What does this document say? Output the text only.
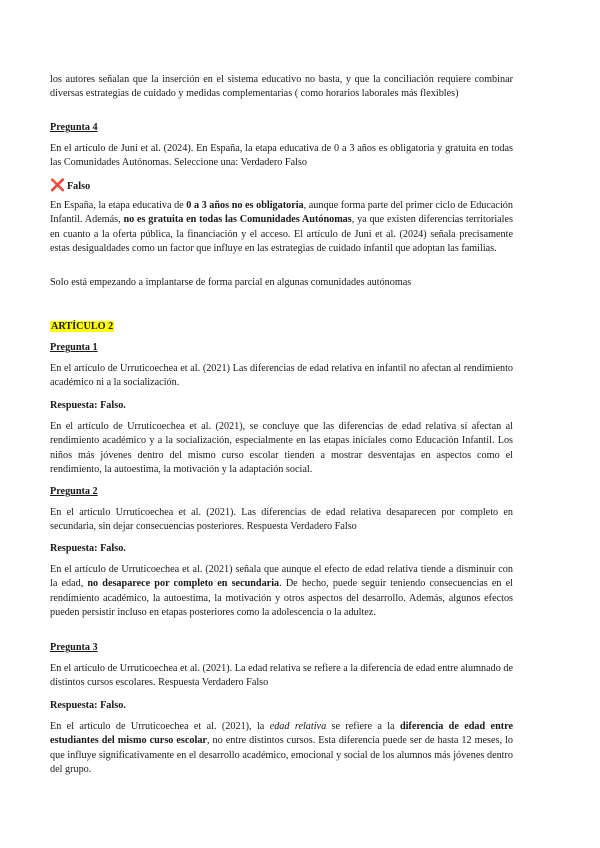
los autores señalan que la inserción en el sistema educativo no basta, y que la conciliación requiere combinar diversas estrategias de cuidado y medidas complementarias ( como horarios laborales más flexibles)

Pregunta 4

En el artículo de Juni et al. (2024). En España, la etapa educativa de 0 a 3 años es obligatoria y gratuita en todas las Comunidades Autónomas. Seleccione una: Verdadero Falso

❌ Falso

En España, la etapa educativa de 0 a 3 años no es obligatoria, aunque forma parte del primer ciclo de Educación Infantil. Además, no es gratuita en todas las Comunidades Autónomas, ya que existen diferencias territoriales en cuanto a la oferta pública, la financiación y el acceso. El artículo de Juni et al. (2024) señala precisamente estas desigualdades como un factor que influye en las estrategias de cuidado infantil que adoptan las familias.

Solo está empezando a implantarse de forma parcial en algunas comunidades autónomas

ARTÍCULO 2

Pregunta 1

En el artículo de Urruticoechea et al. (2021) Las diferencias de edad relativa en infantil no afectan al rendimiento académico ni a la socialización.

Respuesta: Falso.

En el artículo de Urruticoechea et al. (2021), se concluye que las diferencias de edad relativa sí afectan al rendimiento académico y a la socialización, especialmente en las etapas iniciales como Educación Infantil. Los niños más jóvenes dentro del mismo curso escolar tienden a mostrar desventajas en aspectos como el rendimiento, la autoestima, la motivación y la adaptación social.

Pregunta 2

En el artículo Urruticoechea et al. (2021). Las diferencias de edad relativa desaparecen por completo en secundaria, sin dejar consecuencias posteriores. Respuesta Verdadero Falso

Respuesta: Falso.

En el artículo de Urruticoechea et al. (2021) señala que aunque el efecto de edad relativa tiende a disminuir con la edad, no desaparece por completo en secundaria. De hecho, puede seguir teniendo consecuencias en el rendimiento académico, la autoestima, la motivación y otros aspectos del desarrollo. Además, algunos efectos pueden persistir incluso en etapas posteriores como la adolescencia o la adultez.

Pregunta 3

En el artículo de Urruticoechea et al. (2021). La edad relativa se refiere a la diferencia de edad entre alumnado de distintos cursos escolares. Respuesta Verdadero Falso

Respuesta: Falso.

En el artículo de Urruticoechea et al. (2021), la edad relativa se refiere a la diferencia de edad entre estudiantes del mismo curso escolar, no entre distintos cursos. Esta diferencia puede ser de hasta 12 meses, lo que influye significativamente en el desarrollo académico, emocional y social de los alumnos más jóvenes dentro del grupo.
